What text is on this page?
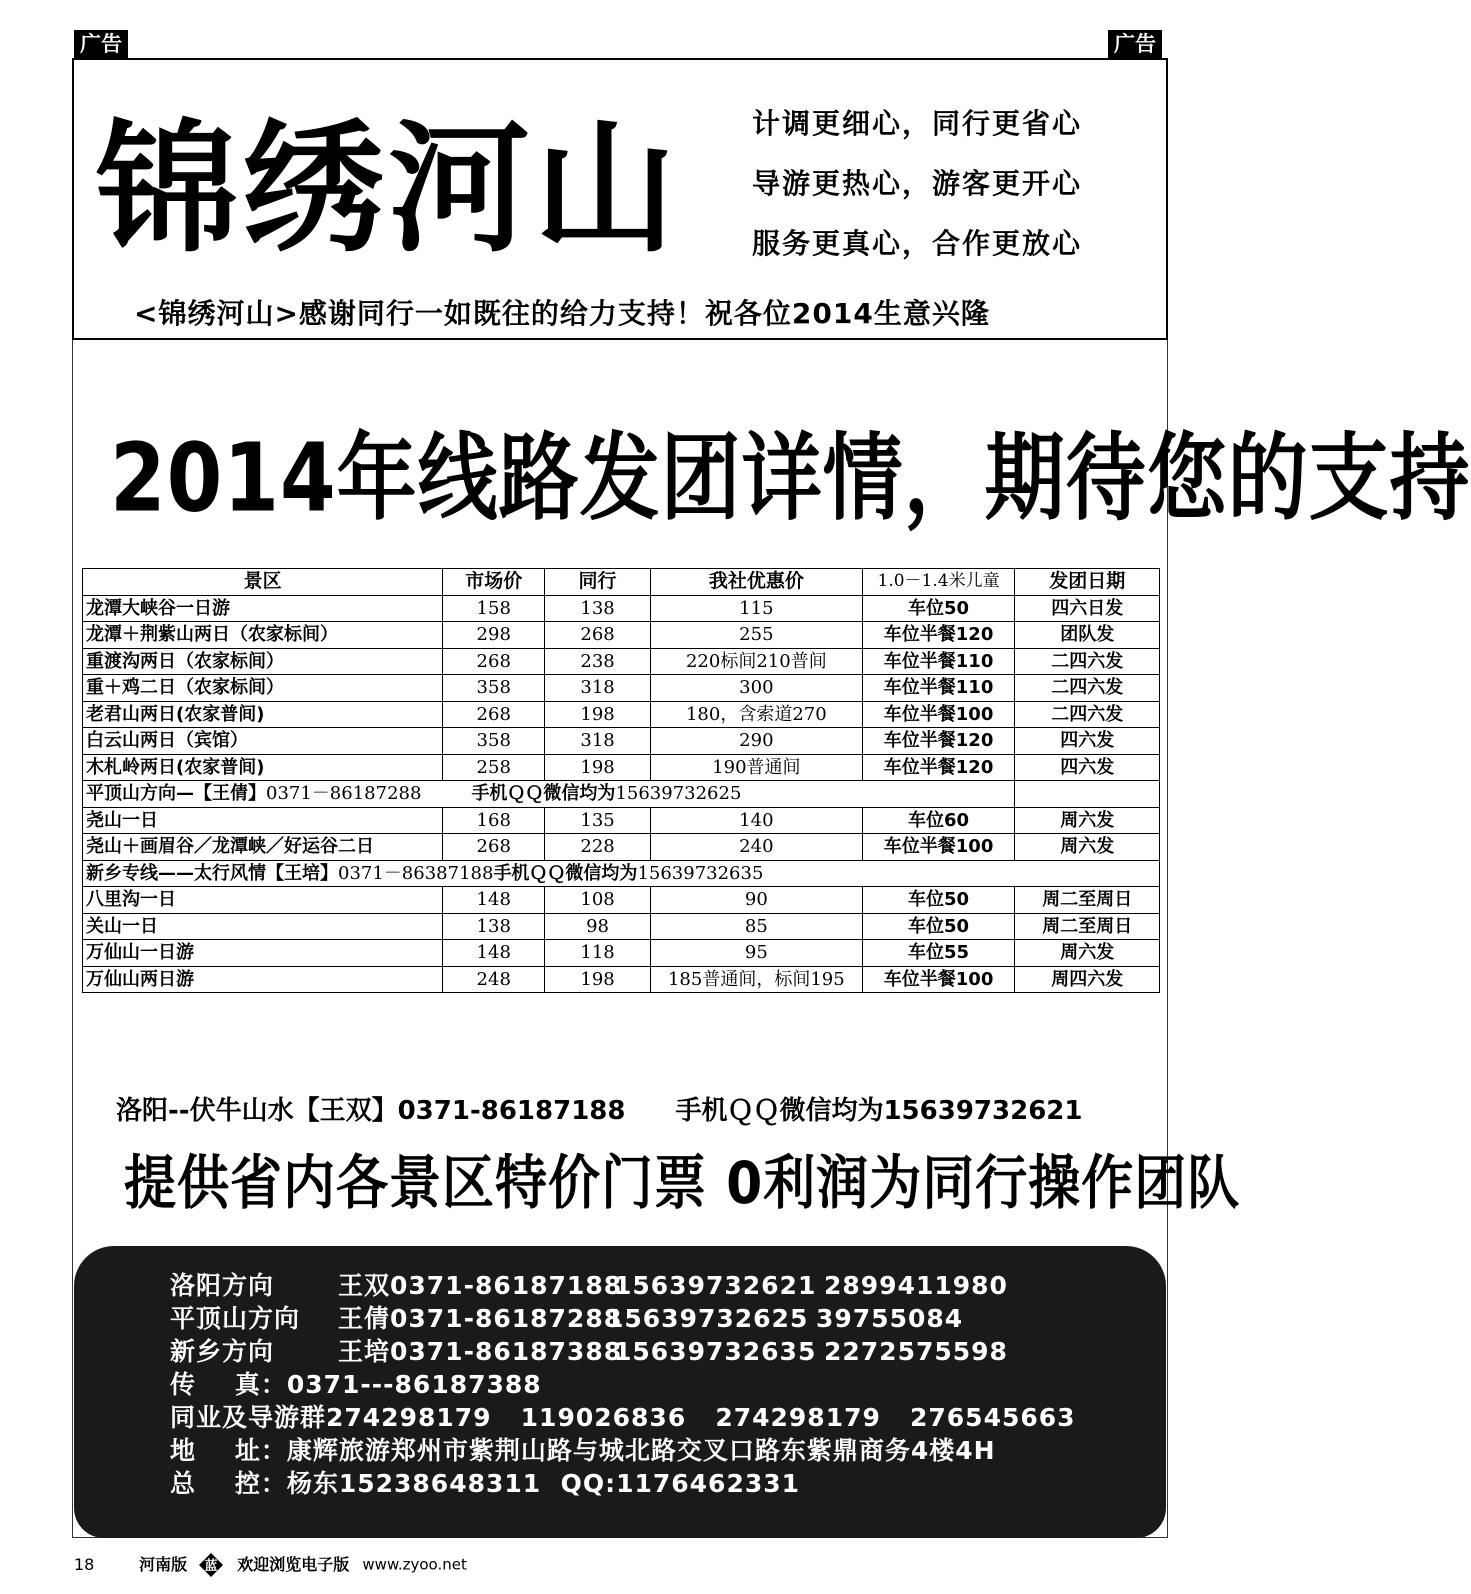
广告	广告
锦绣河山	计调更细心，同行更省心
导游更热心，游客更开心
服务更真心，合作更放心
<锦绣河山>感谢同行一如既往的给力支持！祝各位2014生意兴隆
2014年线路发团详情，期待您的支持
景区	市场价	同行	我社优惠价	1.0－1.4米儿童	发团日期
龙潭大峡谷一日游	158	138	115	车位50	四六日发
龙潭＋荆紫山两日（农家标间）	298	268	255	车位半餐120	团队发
重渡沟两日（农家标间）	268	238	220标间210普间	车位半餐110	二四六发
重＋鸡二日（农家标间）	358	318	300	车位半餐110	二四六发
老君山两日(农家普间)	268	198	180，含索道270	车位半餐100	二四六发
白云山两日（宾馆）	358	318	290	车位半餐120	四六发
木札岭两日(农家普间)	258	198	190普通间	车位半餐120	四六发
平顶山方向—【王倩】0371－86187288 手机ＱＱ微信均为15639732625					
尧山一日	168	135	140	车位60	周六发
尧山＋画眉谷／龙潭峡／好运谷二日	268	228	240	车位半餐100	周六发
新乡专线——太行风情【王培】0371－86387188手机ＱＱ微信均为15639732635					
八里沟一日	148	108	90	车位50	周二至周日
关山一日	138	98	85	车位50	周二至周日
万仙山一日游	148	118	95	车位55	周六发
万仙山两日游	248	198	185普通间，标间195	车位半餐100	周四六发
洛阳--伏牛山水【王双】0371-86187188 手机ＱＱ微信均为15639732621
提供省内各景区特价门票 0利润为同行操作团队
洛阳方向	王双0371-8618718815639732621 2899411980
平顶山方向 王倩0371-8618728815639732625 39755084
新乡方向	王培0371-8618738815639732635 2272575598
传    真：0371---86187388
同业及导游群274298179   119026836   274298179   276545663
地    址：康辉旅游郑州市紫荆山路与城北路交叉口路东紫鼎商务4楼4H
总    控：杨东15238648311  QQ:1176462331
18	河南版 蓝 欢迎浏览电子版 www.zyoo.net
